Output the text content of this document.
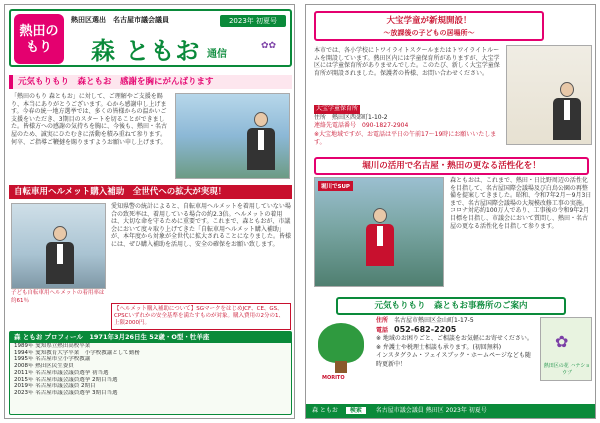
熱田の
もり
熱田区選出　名古屋市議会議員	2023年 初夏号
森 ともお 通信
✿✿
元気もりもり　森ともお　感謝を胸にがんばります
「熱田のもり 森ともお」に対して、ご理解やご支援を賜り、本当にありがとうございます。心から感謝申し上げます。今春の統一地方選挙では、多くの皆様からの温かいご支援をいただき、3期目のスタートを切ることができました。皆様方への感謝の気持ちを胸に、今後も、熱田・名古屋のため、誠実にひたむきに活動を積み重ねて参ります。何卒、ご指導ご鞭撻を賜りますようお願い申し上げます。
自転車用ヘルメット購入補助　全世代への拡大が実現！
子ども自転車用ヘルメットの着用率は約61％
愛知県警の統計によると、自転車用ヘルメットを着用していない場合の致死率は、着用している場合の約2.3倍。ヘルメットの着用は、大切な命を守るために重要です。これまで、森ともおが、市議会において度々取り上げてきた「自転車用ヘルメット購入補助」が、本年度から対象が全世代に拡大されることになりました。皆様には、ぜひ購入補助を活用し、安全の確保をお願い致します。
【ヘルメット購入補助について】SGマークをはじめJCF、CE、GS、CPSCいずれかの安全基準を満たすものが対象。購入費用の2分の1、上限2000円。
森 ともお プロフィール　1971年3月26日生 52歳・O型・牡羊座
1989年 愛知県立熱田高校卒業
1994年 愛知教育大学卒業　小学校教諭として勤務
1995年 名古屋市立小学校教諭
2008年 熱田区民生委員
2011年 名古屋市議会議員選挙 初当選
2015年 名古屋市議会議員選挙 2期目当選
2019年 名古屋市議会議員 2期目
2023年 名古屋市議会議員選挙 3期目当選
大宝学童が新規開設！
〜放課後の子どもの居場所〜
本市では、各小学校にトワイライトスクールまたはトワイライトルームを開設しています。熱田区内には学童保育所がありますが、大宝学区には学童保育所がありませんでした。このたび、新しく大宝学童保育所が開設されました。保護者の皆様、お問い合わせください。
大宝学童保育所
住所　熱田区西郊町1-10-2
連絡先電話番号　090-1827-2904
※大宝地域ですが、お電話は平日の午前17〜19時にお願いいたします。
堀川の活用で名古屋・熱田の更なる活性化を！
堀川でSUP
森ともおは、これまで、熱田・日比野周辺の活性化を目指して、名古屋国際会議場及び白鳥公園の再整備を提案してきました。昭和、令和7年2月〜9月3日まで、名古屋国際会議場の大規模改修工事の実施。コロナ対応約100万人であり、工事後の令和9年2月目標を目指し、市議会において質問し、熱田・名古屋の更なる活性化を目指して参ります。
元気もりもり　森ともお事務所のご案内
MORITO
住所　 名古屋市熱田区金山町1-17-5
電話　 052-682-2205
※ 地域のお困りごと、ご相談をお気軽にお寄せください。
※ 弁護士や税理士相談も承ります。(初回無料)
インスタグラム・フェイスブック・ホームページなども随時更新中！
✿
熱田区の花 ハナショウブ
森 ともお 検索 名古屋市議会議員 熱田区 2023年 初夏号
